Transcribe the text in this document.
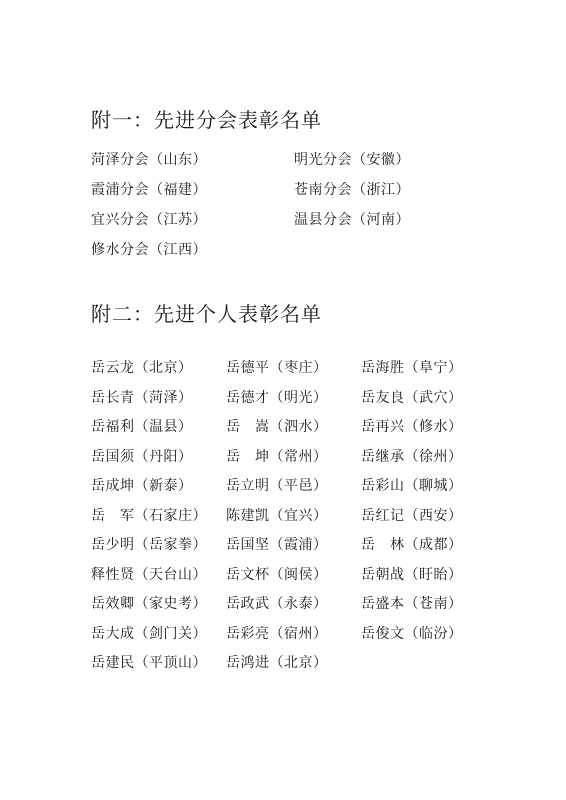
附一：先进分会表彰名单
菏泽分会（山东）	明光分会（安徽）
霞浦分会（福建）	苍南分会（浙江）
宜兴分会（江苏）	温县分会（河南）
修水分会（江西）
附二：先进个人表彰名单
岳云龙（北京）	岳德平（枣庄）	岳海胜（阜宁）
岳长青（菏泽）	岳德才（明光）	岳友良（武穴）
岳福利（温县）	岳　嵩（泗水）	岳再兴（修水）
岳国须（丹阳）	岳　坤（常州）	岳继承（徐州）
岳成坤（新泰）	岳立明（平邑）	岳彩山（聊城）
岳　军（石家庄）	陈建凯（宜兴）	岳红记（西安）
岳少明（岳家拳）	岳国坚（霞浦）	岳　林（成都）
释性贤（天台山）	岳文杯（闽侯）	岳朝战（盱眙）
岳效卿（家史考）	岳政武（永泰）	岳盛本（苍南）
岳大成（剑门关）	岳彩亮（宿州）	岳俊文（临汾）
岳建民（平顶山）	岳鸿进（北京）
